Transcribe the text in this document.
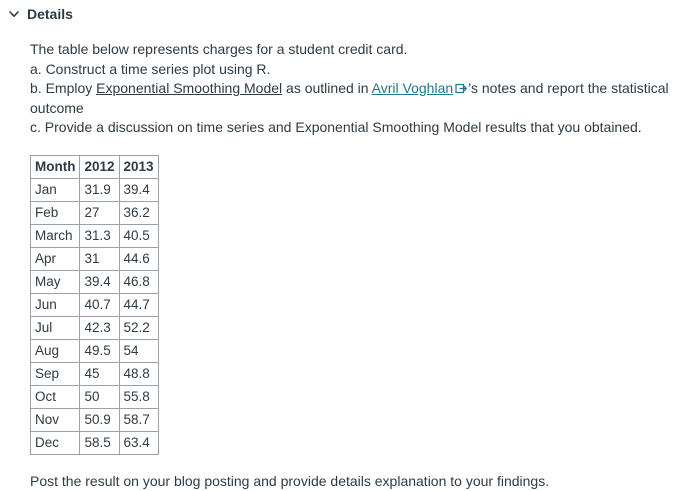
Details

The table below represents charges for a student credit card.
a. Construct a time series plot using R.
b. Employ Exponential Smoothing Model as outlined in Avril Voghlan ’s notes and report the statistical outcome
c. Provide a discussion on time series and Exponential Smoothing Model results that you obtained.

Month	2012	2013
Jan	31.9	39.4
Feb	27	36.2
March	31.3	40.5
Apr	31	44.6
May	39.4	46.8
Jun	40.7	44.7
Jul	42.3	52.2
Aug	49.5	54
Sep	45	48.8
Oct	50	55.8
Nov	50.9	58.7
Dec	58.5	63.4

Post the result on your blog posting and provide details explanation to your findings.
